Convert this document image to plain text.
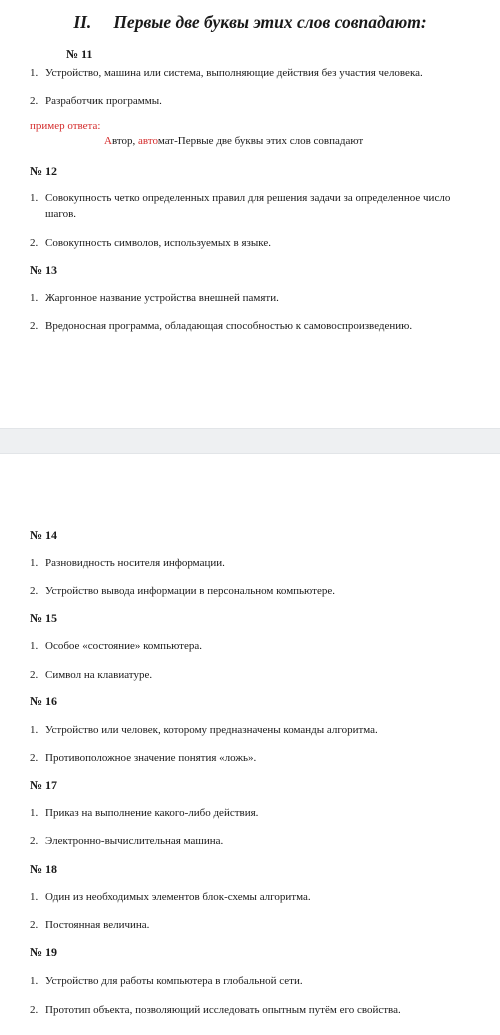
II. Первые две буквы этих слов совпадают:
№ 11
1. Устройство, машина или система, выполняющие действия без участия человека.
2. Разработчик программы.
пример ответа:
Автор, автомат-Первые две буквы этих слов совпадают
№ 12
1. Совокупность четко определенных правил для решения задачи за определенное число шагов.
2. Совокупность символов, используемых в языке.
№ 13
1. Жаргонное название устройства внешней памяти.
2. Вредоносная программа, обладающая способностью к самовоспроизведению.
№ 14
1. Разновидность носителя информации.
2. Устройство вывода информации в персональном компьютере.
№ 15
1. Особое «состояние» компьютера.
2. Символ на клавиатуре.
№ 16
1. Устройство или человек, которому предназначены команды алгоритма.
2. Противоположное значение понятия «ложь».
№ 17
1. Приказ на выполнение какого-либо действия.
2. Электронно-вычислительная машина.
№ 18
1. Один из необходимых элементов блок-схемы алгоритма.
2. Постоянная величина.
№ 19
1. Устройство для работы компьютера в глобальной сети.
2. Прототип объекта, позволяющий исследовать опытным путём его свойства.
